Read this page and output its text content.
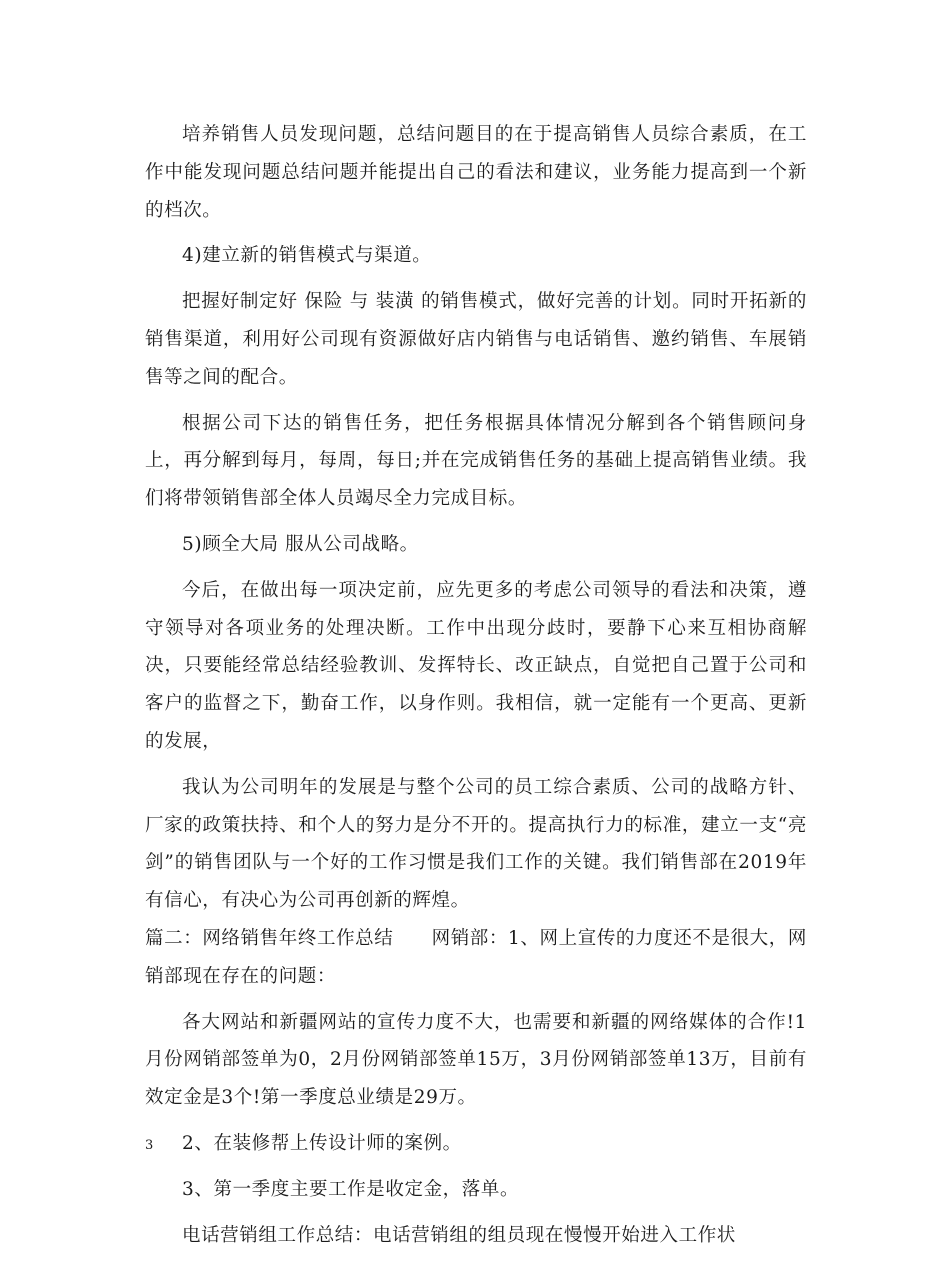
培养销售人员发现问题，总结问题目的在于提高销售人员综合素质，在工作中能发现问题总结问题并能提出自己的看法和建议，业务能力提高到一个新的档次。

4)建立新的销售模式与渠道。

把握好制定好 保险 与 装潢 的销售模式，做好完善的计划。同时开拓新的销售渠道，利用好公司现有资源做好店内销售与电话销售、邀约销售、车展销售等之间的配合。

根据公司下达的销售任务，把任务根据具体情况分解到各个销售顾问身上，再分解到每月，每周，每日;并在完成销售任务的基础上提高销售业绩。我们将带领销售部全体人员竭尽全力完成目标。

5)顾全大局 服从公司战略。

今后，在做出每一项决定前，应先更多的考虑公司领导的看法和决策，遵守领导对各项业务的处理决断。工作中出现分歧时，要静下心来互相协商解决，只要能经常总结经验教训、发挥特长、改正缺点，自觉把自己置于公司和客户的监督之下，勤奋工作，以身作则。我相信，就一定能有一个更高、更新的发展，

我认为公司明年的发展是与整个公司的员工综合素质、公司的战略方针、厂家的政策扶持、和个人的努力是分不开的。提高执行力的标准，建立一支“亮剑”的销售团队与一个好的工作习惯是我们工作的关键。我们销售部在2019年有信心，有决心为公司再创新的辉煌。

篇二：网络销售年终工作总结　　网销部：1、网上宣传的力度还不是很大，网销部现在存在的问题：

各大网站和新疆网站的宣传力度不大，也需要和新疆的网络媒体的合作!1月份网销部签单为0，2月份网销部签单15万，3月份网销部签单13万，目前有效定金是3个!第一季度总业绩是29万。

2、在装修帮上传设计师的案例。

3、第一季度主要工作是收定金，落单。

电话营销组工作总结：电话营销组的组员现在慢慢开始进入工作状

3
